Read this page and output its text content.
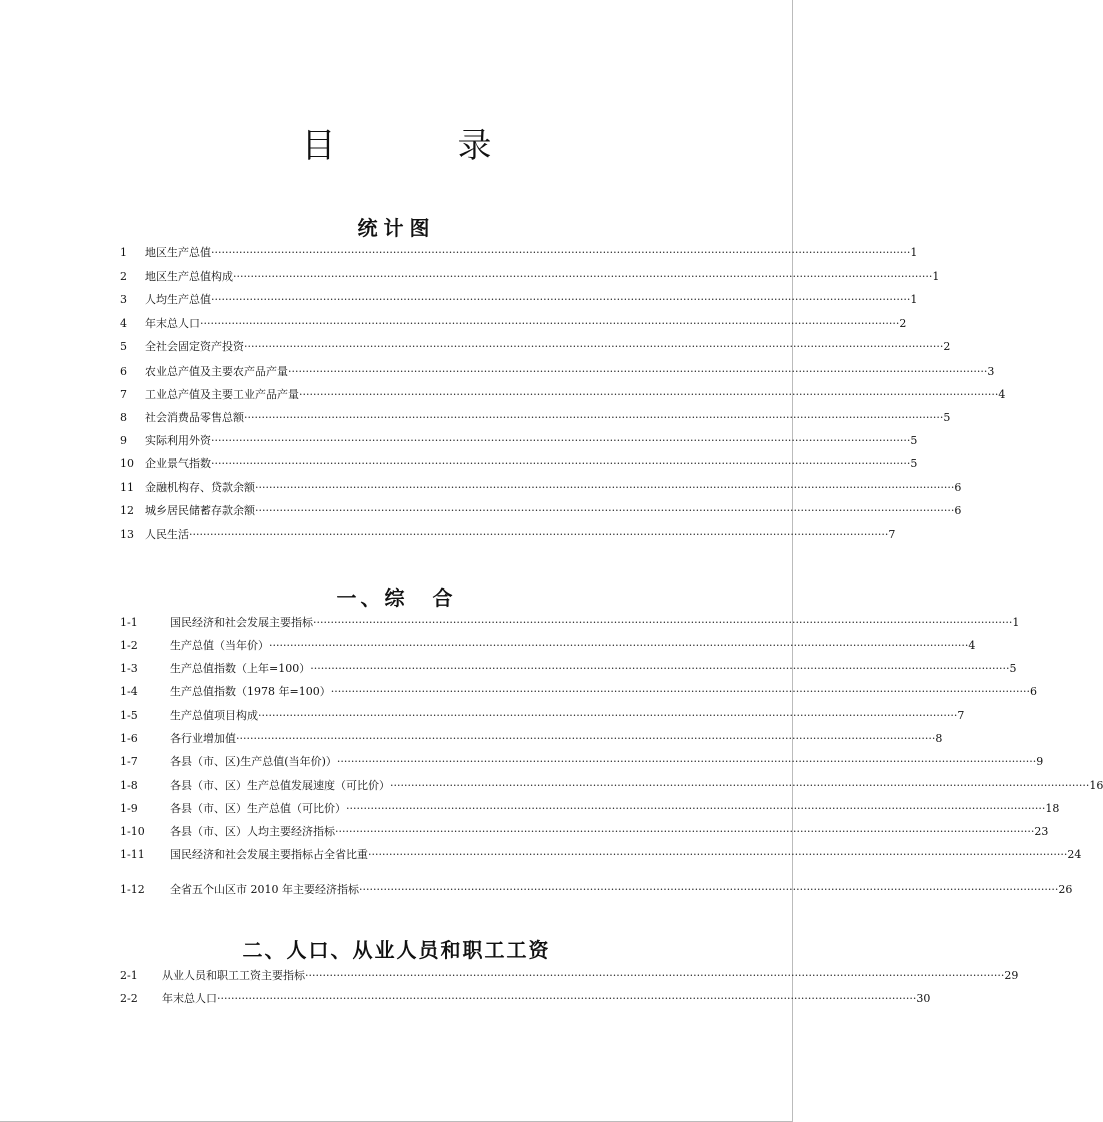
目　录
统计图
1	地区生产总值 ········································································································································································································ 1
2	地区生产总值构成 ········································································································································································································ 1
3	人均生产总值 ········································································································································································································ 1
4	年末总人口 ········································································································································································································ 2
5	全社会固定资产投资 ········································································································································································································ 2
6	农业总产值及主要农产品产量 ········································································································································································································ 3
7	工业总产值及主要工业产品产量 ········································································································································································································ 4
8	社会消费品零售总额 ········································································································································································································ 5
9	实际利用外资 ········································································································································································································ 5
10	企业景气指数 ········································································································································································································ 5
11	金融机构存、贷款余额 ········································································································································································································ 6
12	城乡居民储蓄存款余额 ········································································································································································································ 6
13	人民生活 ········································································································································································································ 7
一、综　合
1-1	国民经济和社会发展主要指标 ········································································································································································································ 1
1-2	生产总值（当年价） ········································································································································································································ 4
1-3	生产总值指数（上年=100） ········································································································································································································ 5
1-4	生产总值指数（1978 年=100） ········································································································································································································ 6
1-5	生产总值项目构成 ········································································································································································································ 7
1-6	各行业增加值 ········································································································································································································ 8
1-7	各县（市、区)生产总值(当年价)） ········································································································································································································ 9
1-8	各县（市、区）生产总值发展速度（可比价） ········································································································································································································ 16
1-9	各县（市、区）生产总值（可比价） ········································································································································································································ 18
1-10	各县（市、区）人均主要经济指标 ········································································································································································································ 23
1-11	国民经济和社会发展主要指标占全省比重 ········································································································································································································ 24
1-12	全省五个山区市 2010 年主要经济指标 ········································································································································································································ 26
二、人口、从业人员和职工工资
2-1	从业人员和职工工资主要指标 ········································································································································································································ 29
2-2	年末总人口 ········································································································································································································ 30
